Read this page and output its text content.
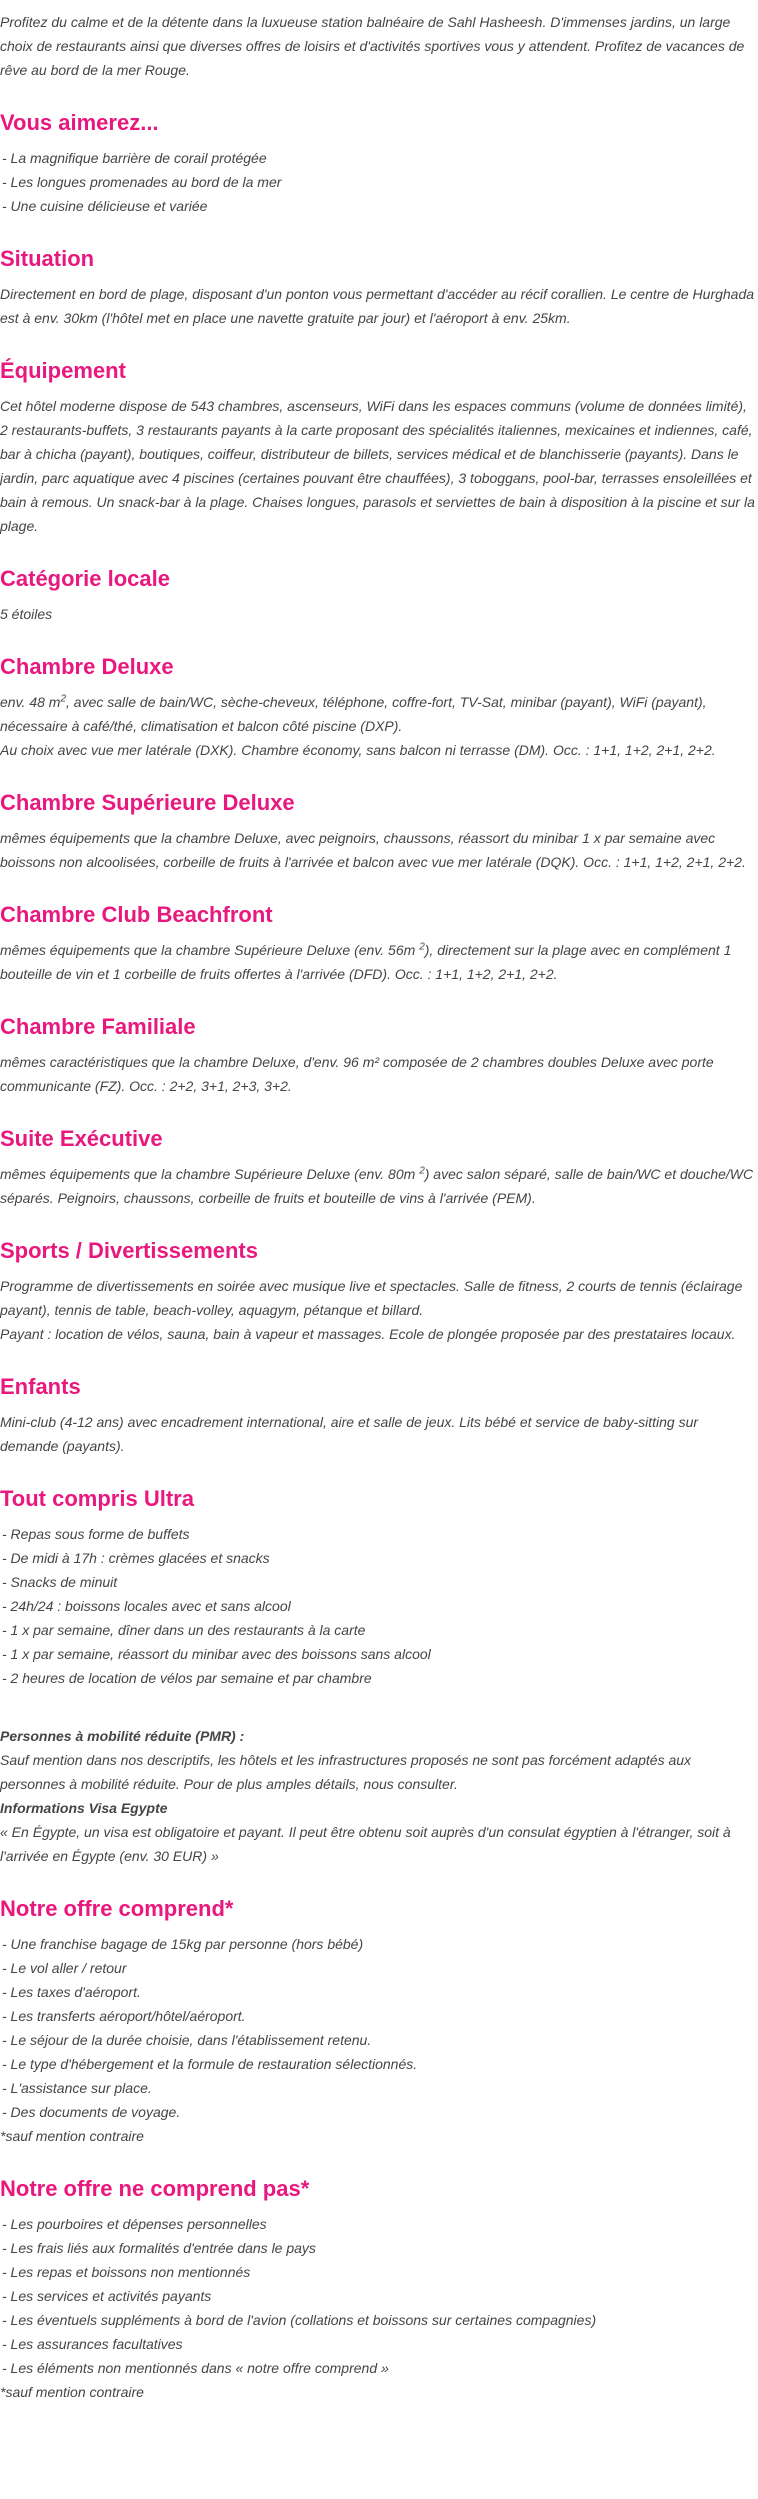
Profitez du calme et de la détente dans la luxueuse station balnéaire de Sahl Hasheesh. D'immenses jardins, un large choix de restaurants ainsi que diverses offres de loisirs et d'activités sportives vous y attendent. Profitez de vacances de rêve au bord de la mer Rouge.

Vous aimerez...
- La magnifique barrière de corail protégée
- Les longues promenades au bord de la mer
- Une cuisine délicieuse et variée
Situation

Directement en bord de plage, disposant d'un ponton vous permettant d'accéder au récif corallien. Le centre de Hurghada est à env. 30km (l'hôtel met en place une navette gratuite par jour) et l'aéroport à env. 25km.

Équipement

Cet hôtel moderne dispose de 543 chambres, ascenseurs, WiFi dans les espaces communs (volume de données limité), 2 restaurants-buffets, 3 restaurants payants à la carte proposant des spécialités italiennes, mexicaines et indiennes, café, bar à chicha (payant), boutiques, coiffeur, distributeur de billets, services médical et de blanchisserie (payants). Dans le jardin, parc aquatique avec 4 piscines (certaines pouvant être chauffées), 3 toboggans, pool-bar, terrasses ensoleillées et bain à remous. Un snack-bar à la plage. Chaises longues, parasols et serviettes de bain à disposition à la piscine et sur la plage.

Catégorie locale

5 étoiles

Chambre Deluxe

env. 48 $m^2$, avec salle de bain/WC, sèche-cheveux, téléphone, coffre-fort, TV-Sat, minibar (payant), WiFi (payant), nécessaire à café/thé, climatisation et balcon côté piscine (DXP).

Au choix avec vue mer latérale (DXK). Chambre économy, sans balcon ni terrasse (DM). Occ. : 1+1, 1+2, 2+1, 2+2.

Chambre Supérieure Deluxe

mêmes équipements que la chambre Deluxe, avec peignoirs, chaussons, réassort du minibar 1 x par semaine avec boissons non alcoolisées, corbeille de fruits à l'arrivée et balcon avec vue mer latérale (DQK). Occ. : 1+1, 1+2, 2+1, 2+2.

Chambre Club Beachfront

mêmes équipements que la chambre Supérieure Deluxe (env. 56m $^2$), directement sur la plage avec en complément 1 bouteille de vin et 1 corbeille de fruits offertes à l'arrivée (DFD). Occ. : 1+1, 1+2, 2+1, 2+2.

Chambre Familiale

mêmes caractéristiques que la chambre Deluxe, d'env. 96 m² composée de 2 chambres doubles Deluxe avec porte communicante (FZ). Occ. : 2+2, 3+1, 2+3, 3+2.

Suite Exécutive

mêmes équipements que la chambre Supérieure Deluxe (env. 80m $^2$) avec salon séparé, salle de bain/WC et douche/WC séparés. Peignoirs, chaussons, corbeille de fruits et bouteille de vins à l'arrivée (PEM).

Sports / Divertissements

Programme de divertissements en soirée avec musique live et spectacles. Salle de fitness, 2 courts de tennis (éclairage payant), tennis de table, beach-volley, aquagym, pétanque et billard.

Payant : location de vélos, sauna, bain à vapeur et massages. Ecole de plongée proposée par des prestataires locaux.

Enfants

Mini-club (4-12 ans) avec encadrement international, aire et salle de jeux. Lits bébé et service de baby-sitting sur demande (payants).

Tout compris Ultra
- Repas sous forme de buffets
- De midi à 17h : crèmes glacées et snacks
- Snacks de minuit
- 24h/24 : boissons locales avec et sans alcool
- 1 x par semaine, dîner dans un des restaurants à la carte
- 1 x par semaine, réassort du minibar avec des boissons sans alcool
- 2 heures de location de vélos par semaine et par chambre
Personnes à mobilité réduite (PMR) :

Sauf mention dans nos descriptifs, les hôtels et les infrastructures proposés ne sont pas forcément adaptés aux personnes à mobilité réduite. Pour de plus amples détails, nous consulter.

Informations Visa Egypte

« En Égypte, un visa est obligatoire et payant. Il peut être obtenu soit auprès d'un consulat égyptien à l'étranger, soit à l'arrivée en Égypte (env. 30 EUR) »

Notre offre comprend*
- Une franchise bagage de 15kg par personne (hors bébé)
- Le vol aller / retour
- Les taxes d'aéroport.
- Les transferts aéroport/hôtel/aéroport.
- Le séjour de la durée choisie, dans l'établissement retenu.
- Le type d'hébergement et la formule de restauration sélectionnés.
- L'assistance sur place.
- Des documents de voyage.
*sauf mention contraire
Notre offre ne comprend pas*
- Les pourboires et dépenses personnelles
- Les frais liés aux formalités d'entrée dans le pays
- Les repas et boissons non mentionnés
- Les services et activités payants
- Les éventuels suppléments à bord de l'avion (collations et boissons sur certaines compagnies)
- Les assurances facultatives
- Les éléments non mentionnés dans « notre offre comprend »
*sauf mention contraire
